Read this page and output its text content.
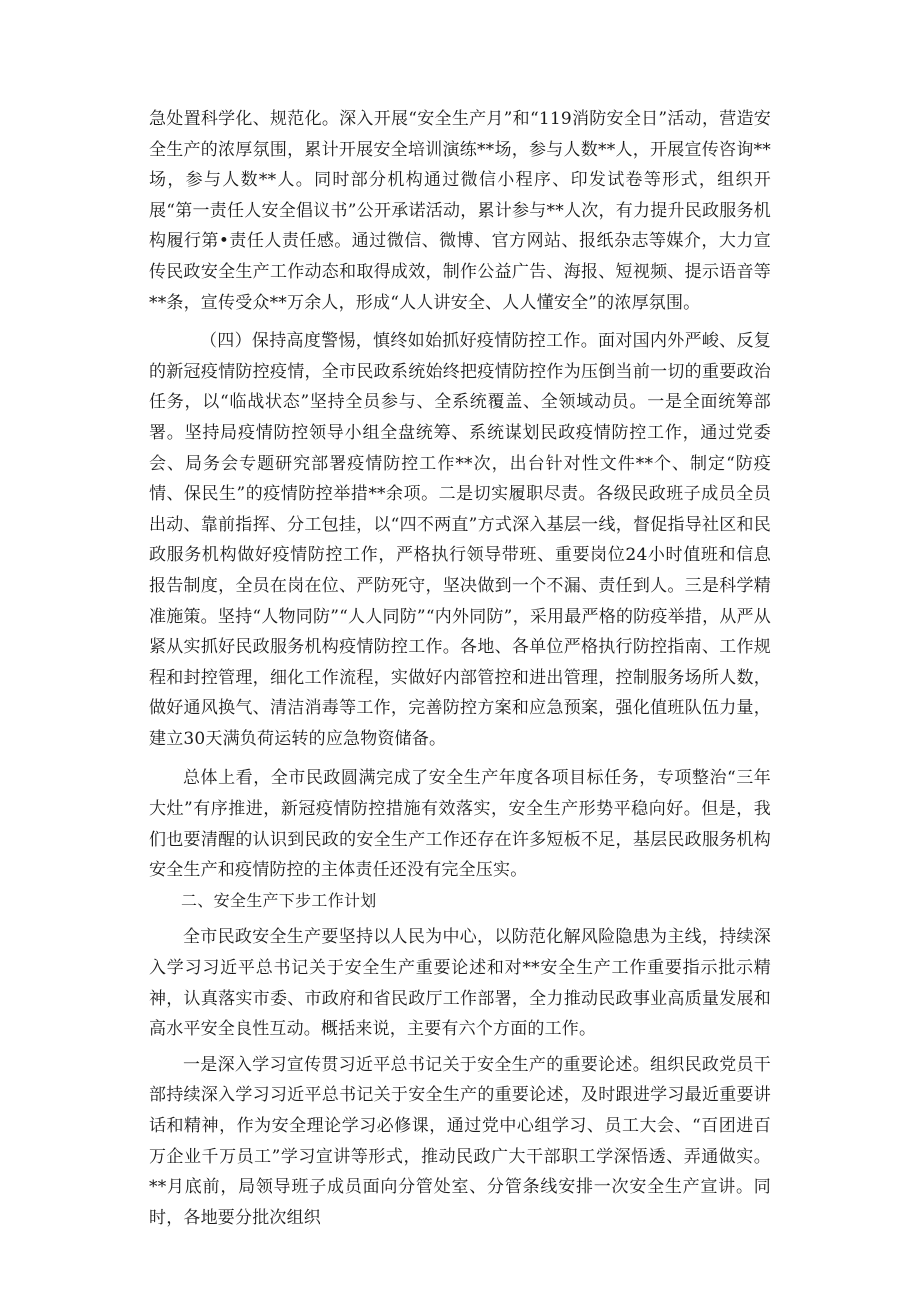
急处置科学化、规范化。深入开展“安全生产月”和“119消防安全日”活动，营造安全生产的浓厚氛围，累计开展安全培训演练**场，参与人数**人，开展宣传咨询**场，参与人数**人。同时部分机构通过微信小程序、印发试卷等形式，组织开展“第一责任人安全倡议书”公开承诺活动，累计参与**人次，有力提升民政服务机构履行第•责任人责任感。通过微信、微博、官方网站、报纸杂志等媒介，大力宣传民政安全生产工作动态和取得成效，制作公益广告、海报、短视频、提示语音等**条，宣传受众**万余人，形成“人人讲安全、人人懂安全”的浓厚氛围。

（四）保持高度警惕，慎终如始抓好疫情防控工作。面对国内外严峻、反复的新冠疫情防控疫情，全市民政系统始终把疫情防控作为压倒当前一切的重要政治任务，以“临战状态”坚持全员参与、全系统覆盖、全领域动员。一是全面统筹部署。坚持局疫情防控领导小组全盘统筹、系统谋划民政疫情防控工作，通过党委会、局务会专题研究部署疫情防控工作**次，出台针对性文件**个、制定“防疫情、保民生”的疫情防控举措**余项。二是切实履职尽责。各级民政班子成员全员出动、靠前指挥、分工包挂，以“四不两直”方式深入基层一线，督促指导社区和民政服务机构做好疫情防控工作，严格执行领导带班、重要岗位24小时值班和信息报告制度，全员在岗在位、严防死守，坚决做到一个不漏、责任到人。三是科学精准施策。坚持“人物同防”“人人同防”“内外同防”，采用最严格的防疫举措，从严从紧从实抓好民政服务机构疫情防控工作。各地、各单位严格执行防控指南、工作规程和封控管理，细化工作流程，实做好内部管控和进出管理，控制服务场所人数，做好通风换气、清洁消毒等工作，完善防控方案和应急预案，强化值班队伍力量，建立30天满负荷运转的应急物资储备。

总体上看，全市民政圆满完成了安全生产年度各项目标任务，专项整治“三年大灶”有序推进，新冠疫情防控措施有效落实，安全生产形势平稳向好。但是，我们也要清醒的认识到民政的安全生产工作还存在许多短板不足，基层民政服务机构安全生产和疫情防控的主体责任还没有完全压实。

二、安全生产下步工作计划

全市民政安全生产要坚持以人民为中心，以防范化解风险隐患为主线，持续深入学习习近平总书记关于安全生产重要论述和对**安全生产工作重要指示批示精神，认真落实市委、市政府和省民政厅工作部署，全力推动民政事业高质量发展和高水平安全良性互动。概括来说，主要有六个方面的工作。

一是深入学习宣传贯习近平总书记关于安全生产的重要论述。组织民政党员干部持续深入学习习近平总书记关于安全生产的重要论述，及时跟进学习最近重要讲话和精神，作为安全理论学习必修课，通过党中心组学习、员工大会、“百团进百万企业千万员工”学习宣讲等形式，推动民政广大干部职工学深悟透、弄通做实。**月底前，局领导班子成员面向分管处室、分管条线安排一次安全生产宣讲。同时，各地要分批次组织
